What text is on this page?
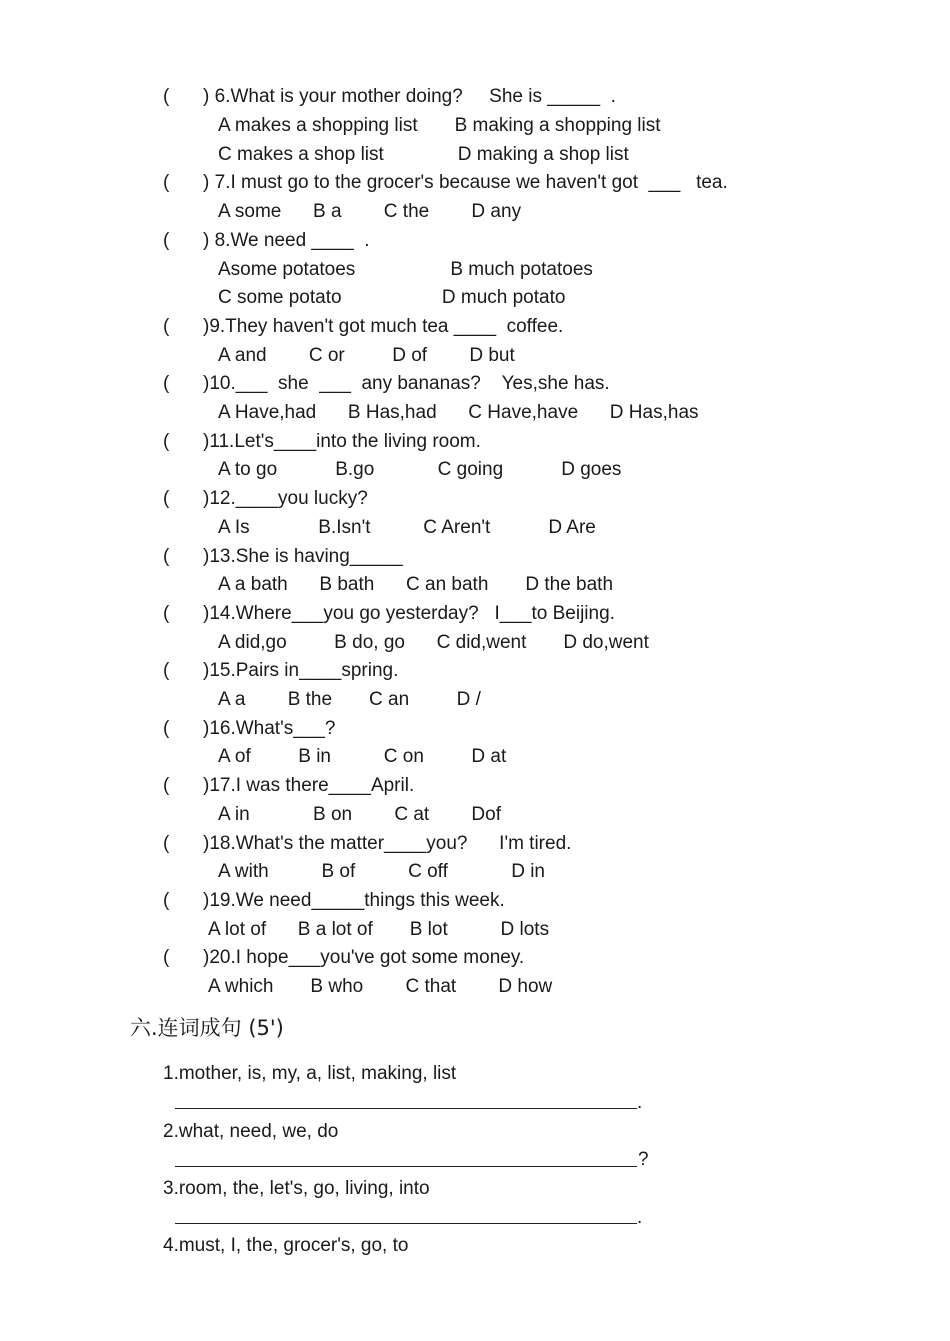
( ) 6.What is your mother doing?     She is _____  .
A makes a shopping list       B making a shopping list
C makes a shop list              D making a shop list
( ) 7.I must go to the grocer's because we haven't got  ___   tea.
A some      B a        C the        D any
( ) 8.We need ____  .
Asome potatoes                  B much potatoes
C some potato                   D much potato
( )9.They haven't got much tea ____  coffee.
A and        C or         D of        D but
( )10.___  she  ___  any bananas?    Yes,she has.
A Have,had      B Has,had      C Have,have      D Has,has
( )11.Let's____into the living room.
A to go           B.go            C going           D goes
( )12.____you lucky?
A Is             B.Isn't          C Aren't           D Are
( )13.She is having_____
A a bath      B bath      C an bath       D the bath
( )14.Where___you go yesterday?   I___to Beijing.
A did,go         B do, go      C did,went       D do,went
( )15.Pairs in____spring.
A a        B the       C an         D /
( )16.What's___?
A of         B in          C on         D at
( )17.I was there____April.
A in            B on        C at        Dof
( )18.What's the matter____you?      I'm tired.
A with          B of          C off            D in
( )19.We need_____things this week.
A lot of      B a lot of       B lot          D lots
( )20.I hope___you've got some money.
A which       B who        C that        D how
六.连词成句 (5')
1.mother, is, my, a, list, making, list
.
2.what, need, we, do
?
3.room, the, let's, go, living, into
.
4.must, I, the, grocer's, go, to
